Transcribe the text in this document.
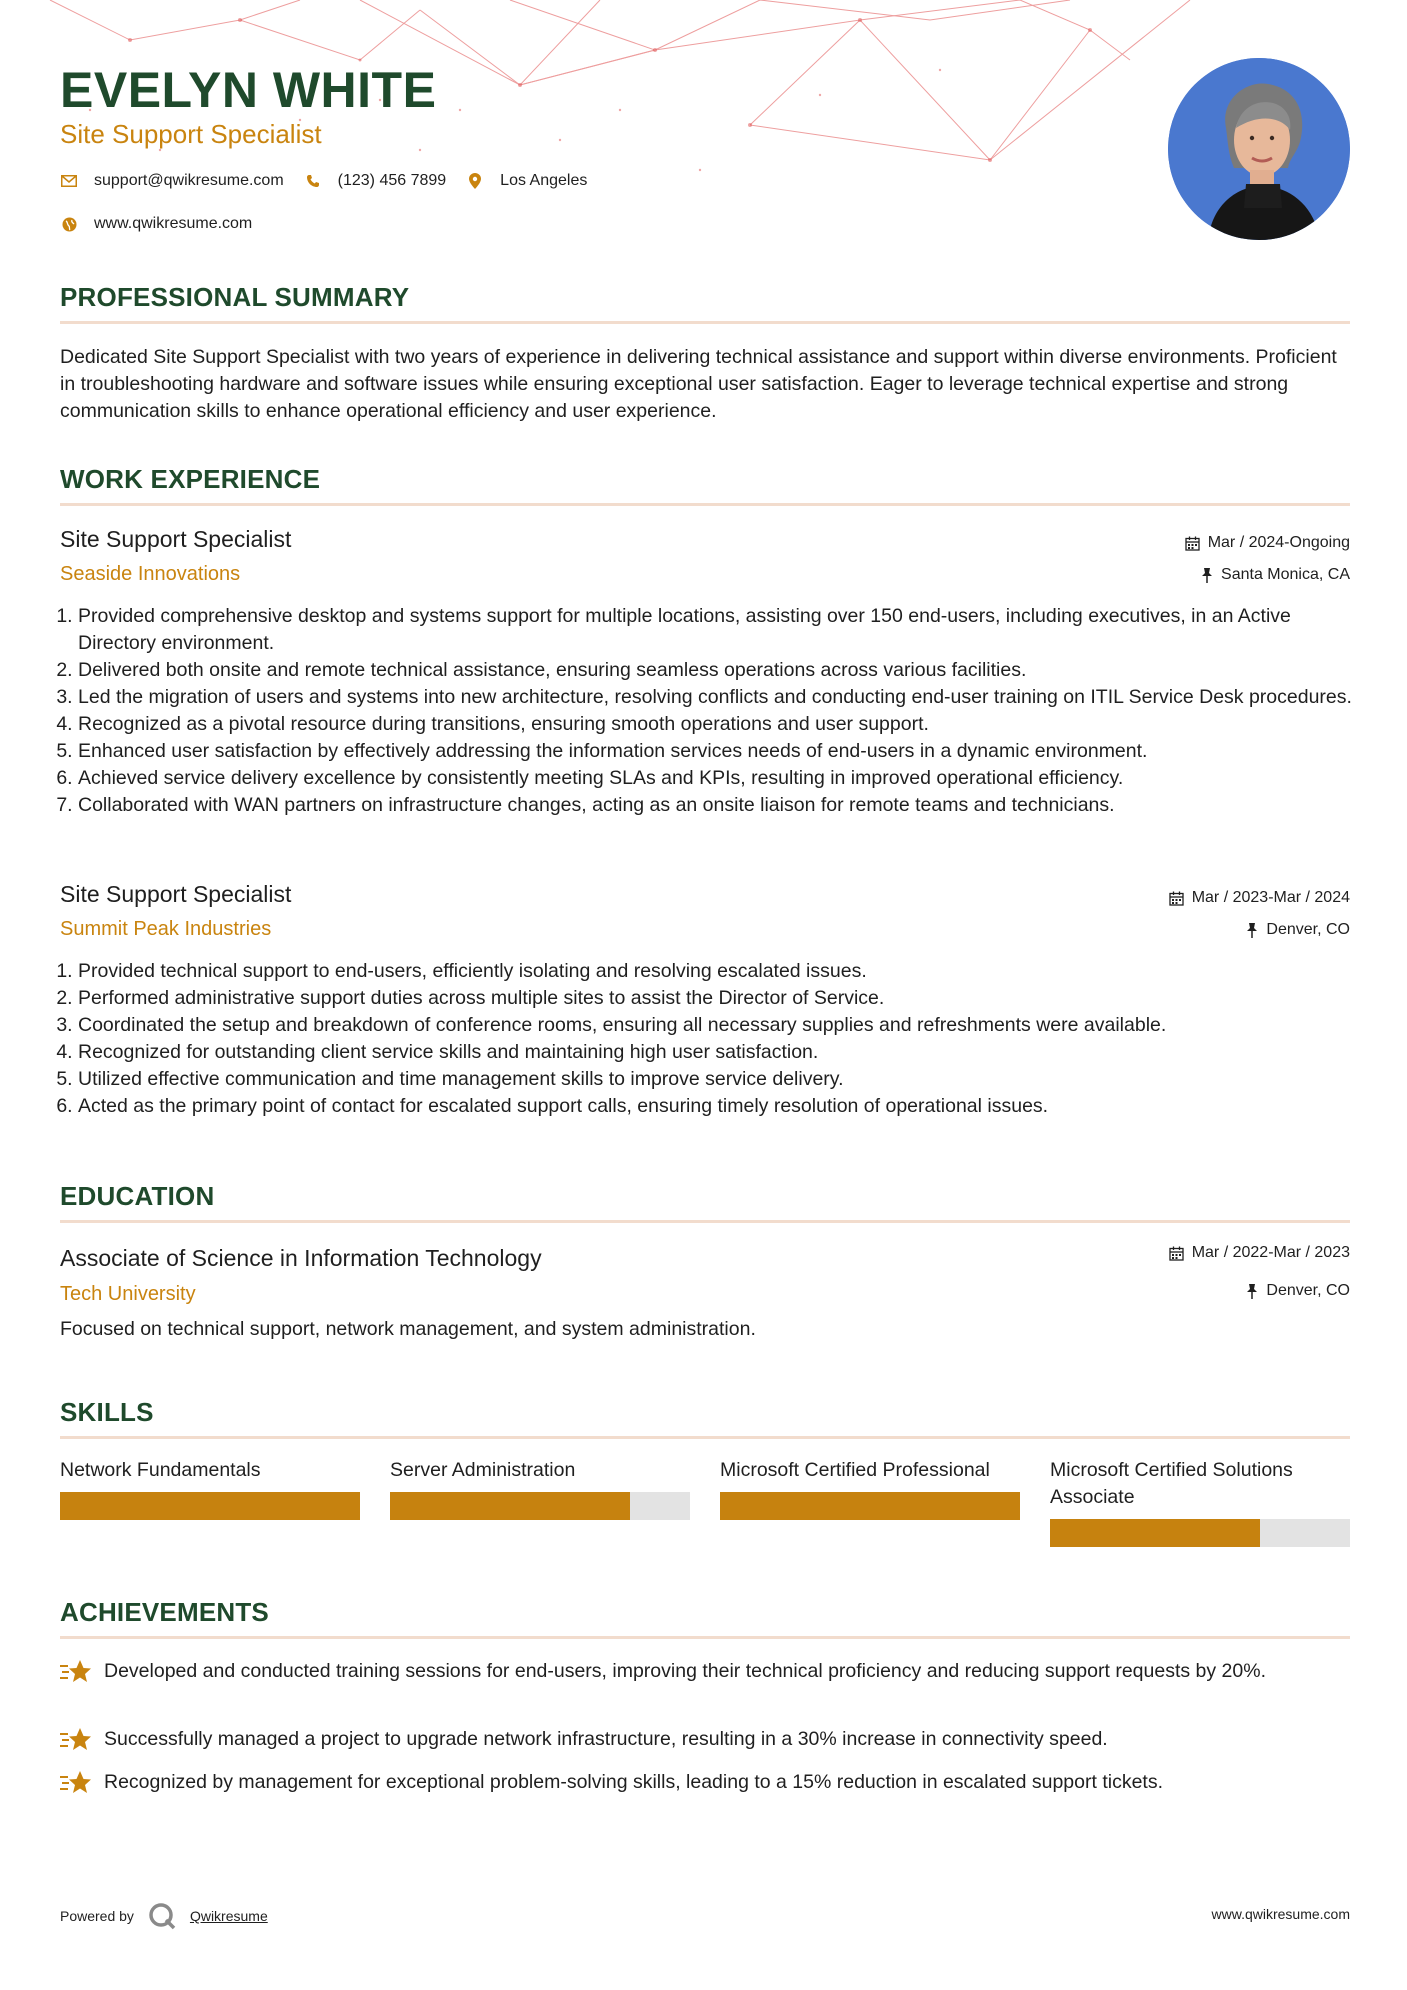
EVELYN WHITE
Site Support Specialist
support@qwikresume.com	(123) 456 7899	Los Angeles
www.qwikresume.com
PROFESSIONAL SUMMARY

Dedicated Site Support Specialist with two years of experience in delivering technical assistance and support within diverse environments. Proficient in troubleshooting hardware and software issues while ensuring exceptional user satisfaction. Eager to leverage technical expertise and strong communication skills to enhance operational efficiency and user experience.

WORK EXPERIENCE
Site Support Specialist
Seaside Innovations
Mar / 2024-Ongoing
Santa Monica, CA
1. Provided comprehensive desktop and systems support for multiple locations, assisting over 150 end-users, including executives, in an Active Directory environment.
2. Delivered both onsite and remote technical assistance, ensuring seamless operations across various facilities.
3. Led the migration of users and systems into new architecture, resolving conflicts and conducting end-user training on ITIL Service Desk procedures.
4. Recognized as a pivotal resource during transitions, ensuring smooth operations and user support.
5. Enhanced user satisfaction by effectively addressing the information services needs of end-users in a dynamic environment.
6. Achieved service delivery excellence by consistently meeting SLAs and KPIs, resulting in improved operational efficiency.
7. Collaborated with WAN partners on infrastructure changes, acting as an onsite liaison for remote teams and technicians.
Site Support Specialist
Summit Peak Industries
Mar / 2023-Mar / 2024
Denver, CO
1. Provided technical support to end-users, efficiently isolating and resolving escalated issues.
2. Performed administrative support duties across multiple sites to assist the Director of Service.
3. Coordinated the setup and breakdown of conference rooms, ensuring all necessary supplies and refreshments were available.
4. Recognized for outstanding client service skills and maintaining high user satisfaction.
5. Utilized effective communication and time management skills to improve service delivery.
6. Acted as the primary point of contact for escalated support calls, ensuring timely resolution of operational issues.
EDUCATION
Associate of Science in Information Technology
Tech University
Mar / 2022-Mar / 2023
Denver, CO

Focused on technical support, network management, and system administration.

SKILLS
Network Fundamentals	Server Administration	Microsoft Certified Professional	Microsoft Certified Solutions Associate
ACHIEVEMENTS
Developed and conducted training sessions for end-users, improving their technical proficiency and reducing support requests by 20%.
Successfully managed a project to upgrade network infrastructure, resulting in a 30% increase in connectivity speed.
Recognized by management for exceptional problem-solving skills, leading to a 15% reduction in escalated support tickets.
Powered by	Qwikresume	www.qwikresume.com
